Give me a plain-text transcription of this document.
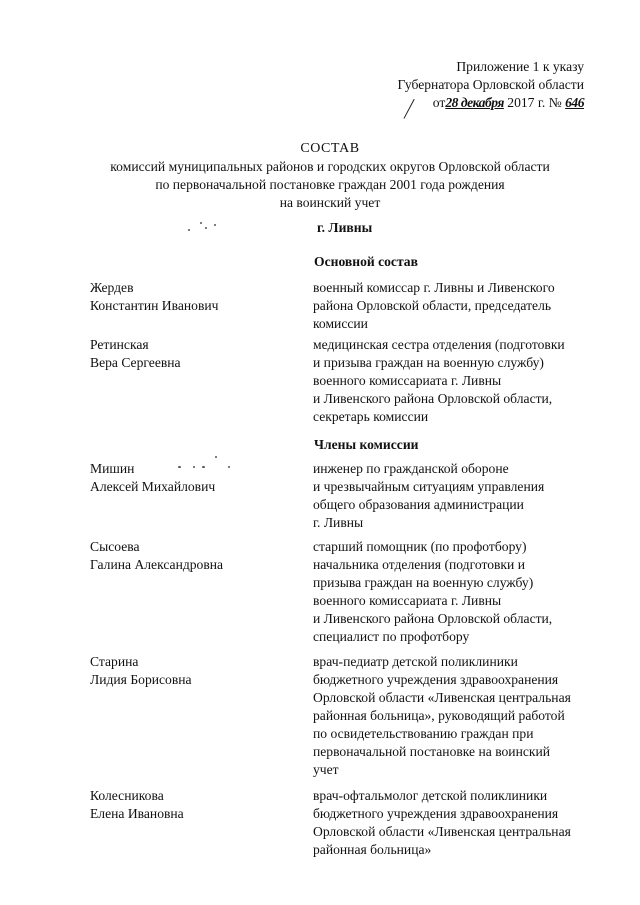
Приложение 1 к указу
Губернатора Орловской области
от28 декабря 2017 г. № 646
СОСТАВ
комиссий муниципальных районов и городских округов Орловской области
по первоначальной постановке граждан 2001 года рождения
на воинский учет
г. Ливны
Основной состав
Члены комиссии
Жердев
Константин Иванович
военный комиссар г. Ливны и Ливенского
района Орловской области, председатель
комиссии
Ретинская
Вера Сергеевна
медицинская сестра отделения (подготовки
и призыва граждан на военную службу)
военного комиссариата г. Ливны
и Ливенского района Орловской области,
секретарь комиссии
Мишин
Алексей Михайлович
инженер по гражданской обороне
и чрезвычайным ситуациям управления
общего образования администрации
г. Ливны
Сысоева
Галина Александровна
старший помощник (по профотбору)
начальника отделения (подготовки и
призыва граждан на военную службу)
военного комиссариата г. Ливны
и Ливенского района Орловской области,
специалист по профотбору
Старина
Лидия Борисовна
врач-педиатр детской поликлиники
бюджетного учреждения здравоохранения
Орловской области «Ливенская центральная
районная больница», руководящий работой
по освидетельствованию граждан при
первоначальной постановке на воинский
учет
Колесникова
Елена Ивановна
врач-офтальмолог детской поликлиники
бюджетного учреждения здравоохранения
Орловской области «Ливенская центральная
районная больница»
